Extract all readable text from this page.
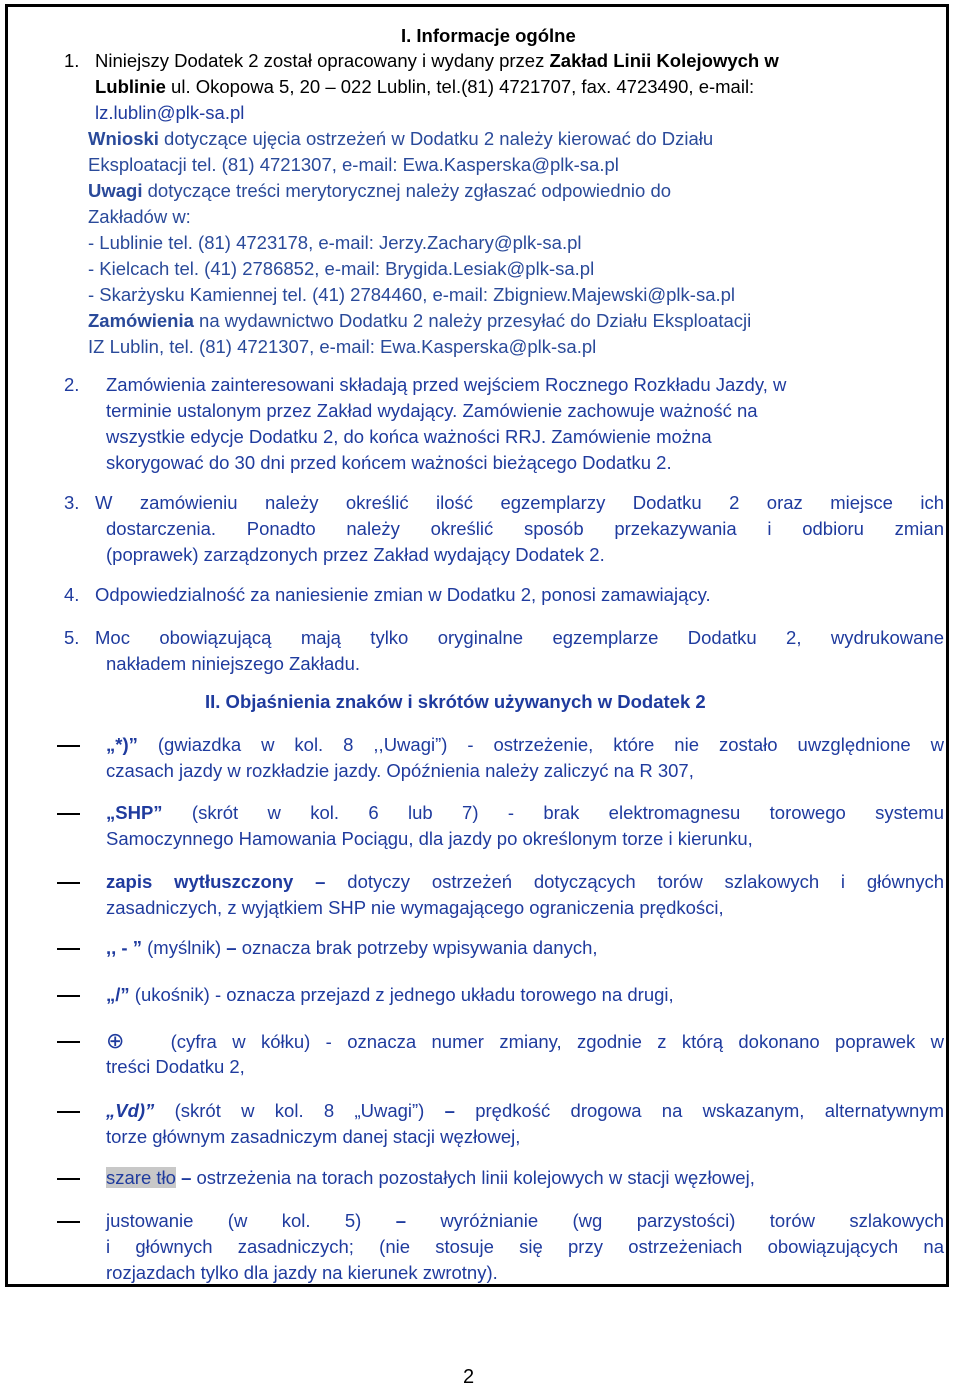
I. Informacje ogólne
1. Niniejszy Dodatek 2 został opracowany i wydany przez Zakład Linii Kolejowych w
Lublinie ul. Okopowa 5, 20 – 022 Lublin, tel.(81) 4721707, fax. 4723490, e-mail:
lz.lublin@plk-sa.pl
Wnioski dotyczące ujęcia ostrzeżeń w Dodatku 2 należy kierować do Działu
Eksploatacji tel. (81) 4721307, e-mail: Ewa.Kasperska@plk-sa.pl
Uwagi dotyczące treści merytorycznej należy zgłaszać odpowiednio do
Zakładów w:
- Lublinie tel. (81) 4723178, e-mail: Jerzy.Zachary@plk-sa.pl
- Kielcach tel. (41) 2786852, e-mail: Brygida.Lesiak@plk-sa.pl
- Skarżysku Kamiennej tel. (41) 2784460, e-mail: Zbigniew.Majewski@plk-sa.pl
Zamówienia na wydawnictwo Dodatku 2 należy przesyłać do Działu Eksploatacji
IZ Lublin, tel. (81) 4721307, e-mail: Ewa.Kasperska@plk-sa.pl
2. Zamówienia zainteresowani składają przed wejściem Rocznego Rozkładu Jazdy, w
terminie ustalonym przez Zakład wydający. Zamówienie zachowuje ważność na
wszystkie edycje Dodatku 2, do końca ważności RRJ. Zamówienie można
skorygować do 30 dni przed końcem ważności bieżącego Dodatku 2.
3. W zamówieniu należy określić ilość egzemplarzy Dodatku 2 oraz miejsce ich
dostarczenia. Ponadto należy określić sposób przekazywania i odbioru zmian
(poprawek) zarządzonych przez Zakład wydający Dodatek 2.
4. Odpowiedzialność za naniesienie zmian w Dodatku 2, ponosi zamawiający.
5. Moc obowiązującą mają tylko oryginalne egzemplarze Dodatku 2, wydrukowane
nakładem niniejszego Zakładu.
II. Objaśnienia znaków i skrótów używanych w Dodatek 2
„*)” (gwiazdka w kol. 8 ,,Uwagi”) - ostrzeżenie, które nie zostało uwzględnione w
czasach jazdy w rozkładzie jazdy. Opóźnienia należy zaliczyć na R 307,
„SHP” (skrót w kol. 6 lub 7) - brak elektromagnesu torowego systemu
Samoczynnego Hamowania Pociągu, dla jazdy po określonym torze i kierunku,
zapis wytłuszczony – dotyczy ostrzeżeń dotyczących torów szlakowych i głównych
zasadniczych, z wyjątkiem SHP nie wymagającego ograniczenia prędkości,
,, - ” (myślnik) – oznacza brak potrzeby wpisywania danych,
„/” (ukośnik) - oznacza przejazd z jednego układu torowego na drugi,
⊕ (cyfra w kółku) - oznacza numer zmiany, zgodnie z którą dokonano poprawek w
treści Dodatku 2,
„Vd)” (skrót w kol. 8 „Uwagi”) – prędkość drogowa na wskazanym, alternatywnym
torze głównym zasadniczym danej stacji węzłowej,
szare tło – ostrzeżenia na torach pozostałych linii kolejowych w stacji węzłowej,
justowanie (w kol. 5) – wyróżnianie (wg parzystości) torów szlakowych
i głównych zasadniczych; (nie stosuje się przy ostrzeżeniach obowiązujących na
rozjazdach tylko dla jazdy na kierunek zwrotny).
2
